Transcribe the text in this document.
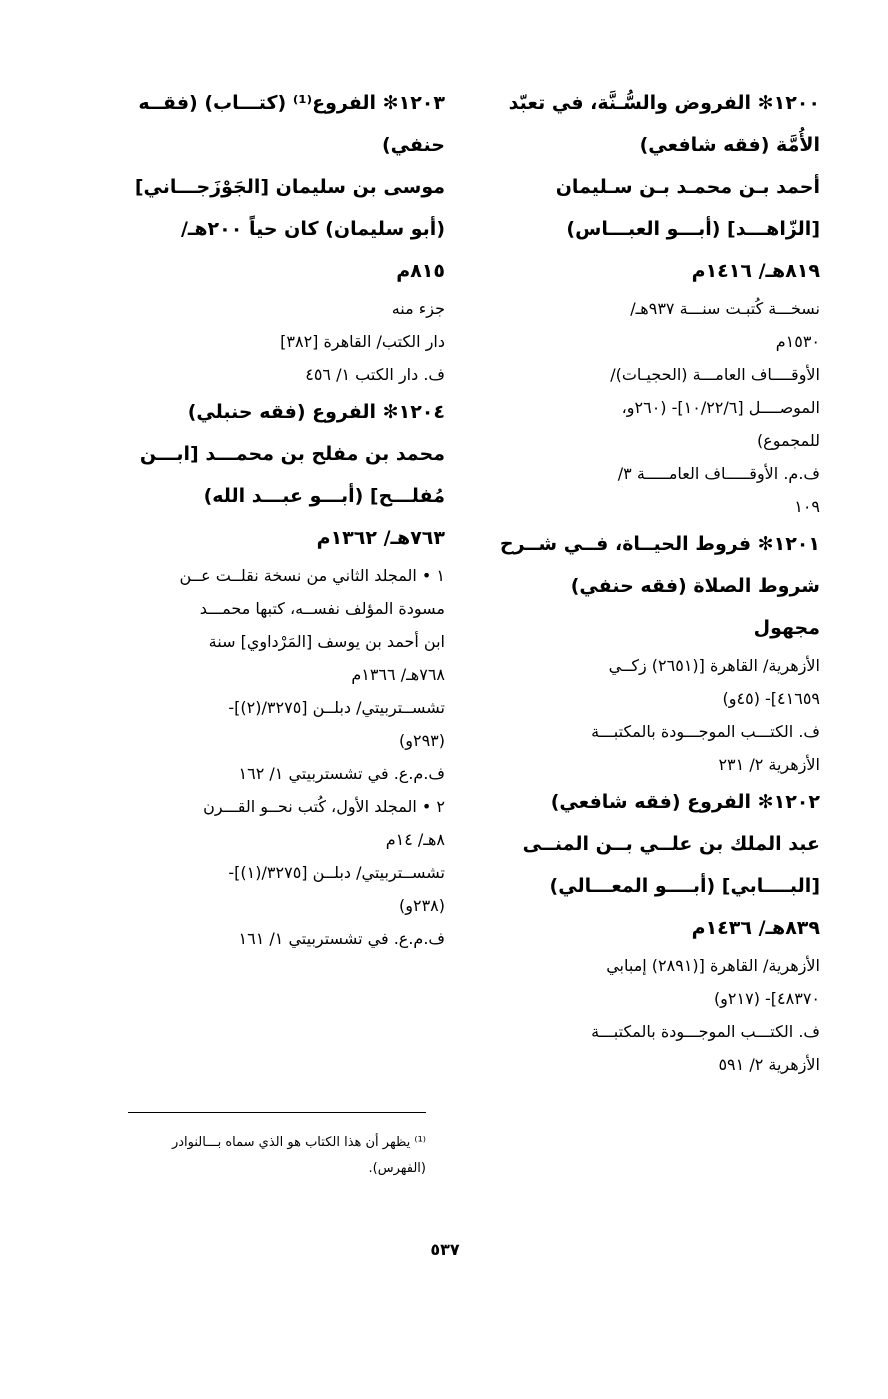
١٢٠٠✻ الفروض والسُّـنَّة، في تعبّد
الأُمَّة (فقه شافعي)
أحمد بـن محمـد بـن سـليمان
[الزّاهـــد] (أبـــو العبـــاس)
٨١٩هـ/ ١٤١٦م
نسخـــة كُتبـت سنـــة ٩٣٧هـ/
١٥٣٠م
الأوقــــاف العامـــة (الحجيـات)/
الموصــــل [١٠/٢٢/٦]- (٢٦٠و،
للمجموع)
ف.م. الأوقـــــاف العامـــــة ٣/
١٠٩
١٢٠١✻ فروط الحيــاة، فــي شــرح
شروط الصلاة (فقه حنفي)
مجهول
الأزهرية/ القاهرة [(٢٦٥١) زكــي
٤١٦٥٩]- (٤٥و)
ف. الكتـــب الموجـــودة بالمكتبـــة
الأزهرية ٢/ ٢٣١
١٢٠٢✻ الفروع (فقه شافعي)
عبد الملك بن علــي بــن المنــى
[البــــابي] (أبــــو المعـــالي)
٨٣٩هـ/ ١٤٣٦م
الأزهرية/ القاهرة [(٢٨٩١) إمبابي
٤٨٣٧٠]- (٢١٧و)
ف. الكتـــب الموجـــودة بالمكتبـــة
الأزهرية ٢/ ٥٩١
١٢٠٣✻ الفروع⁽¹⁾ (كتـــاب) (فقــه
حنفي)
موسى بن سليمان [الجَوْزَجـــاني]
(أبو سليمان) كان حياً ٢٠٠هـ/
٨١٥م
جزء منه
دار الكتب/ القاهرة [٣٨٢]
ف. دار الكتب ١/ ٤٥٦
١٢٠٤✻ الفروع (فقه حنبلي)
محمد بن مفلح بن محمـــد [ابـــن
مُفلـــح] (أبـــو عبـــد الله)
٧٦٣هـ/ ١٣٦٢م
١ • المجلد الثاني من نسخة نقلــت عــن
مسودة المؤلف نفســه، كتبها محمـــد
ابن أحمد بن يوسف [المَرْداوي] سنة
٧٦٨هـ/ ١٣٦٦م
تشســتربيتي/ دبلــن [٣٢٧٥/(٢)]-
(٢٩٣و)
ف.م.ع. في تشستربيتي ١/ ١٦٢
٢ • المجلد الأول، كُتب نحــو القـــرن
٨هـ/ ١٤م
تشســتربيتي/ دبلــن [٣٢٧٥/(١)]-
(٢٣٨و)
ف.م.ع. في تشستربيتي ١/ ١٦١
⁽¹⁾ يظهر أن هذا الكتاب هو الذي سماه بـــالنوادر
(الفهرس).
٥٣٧
